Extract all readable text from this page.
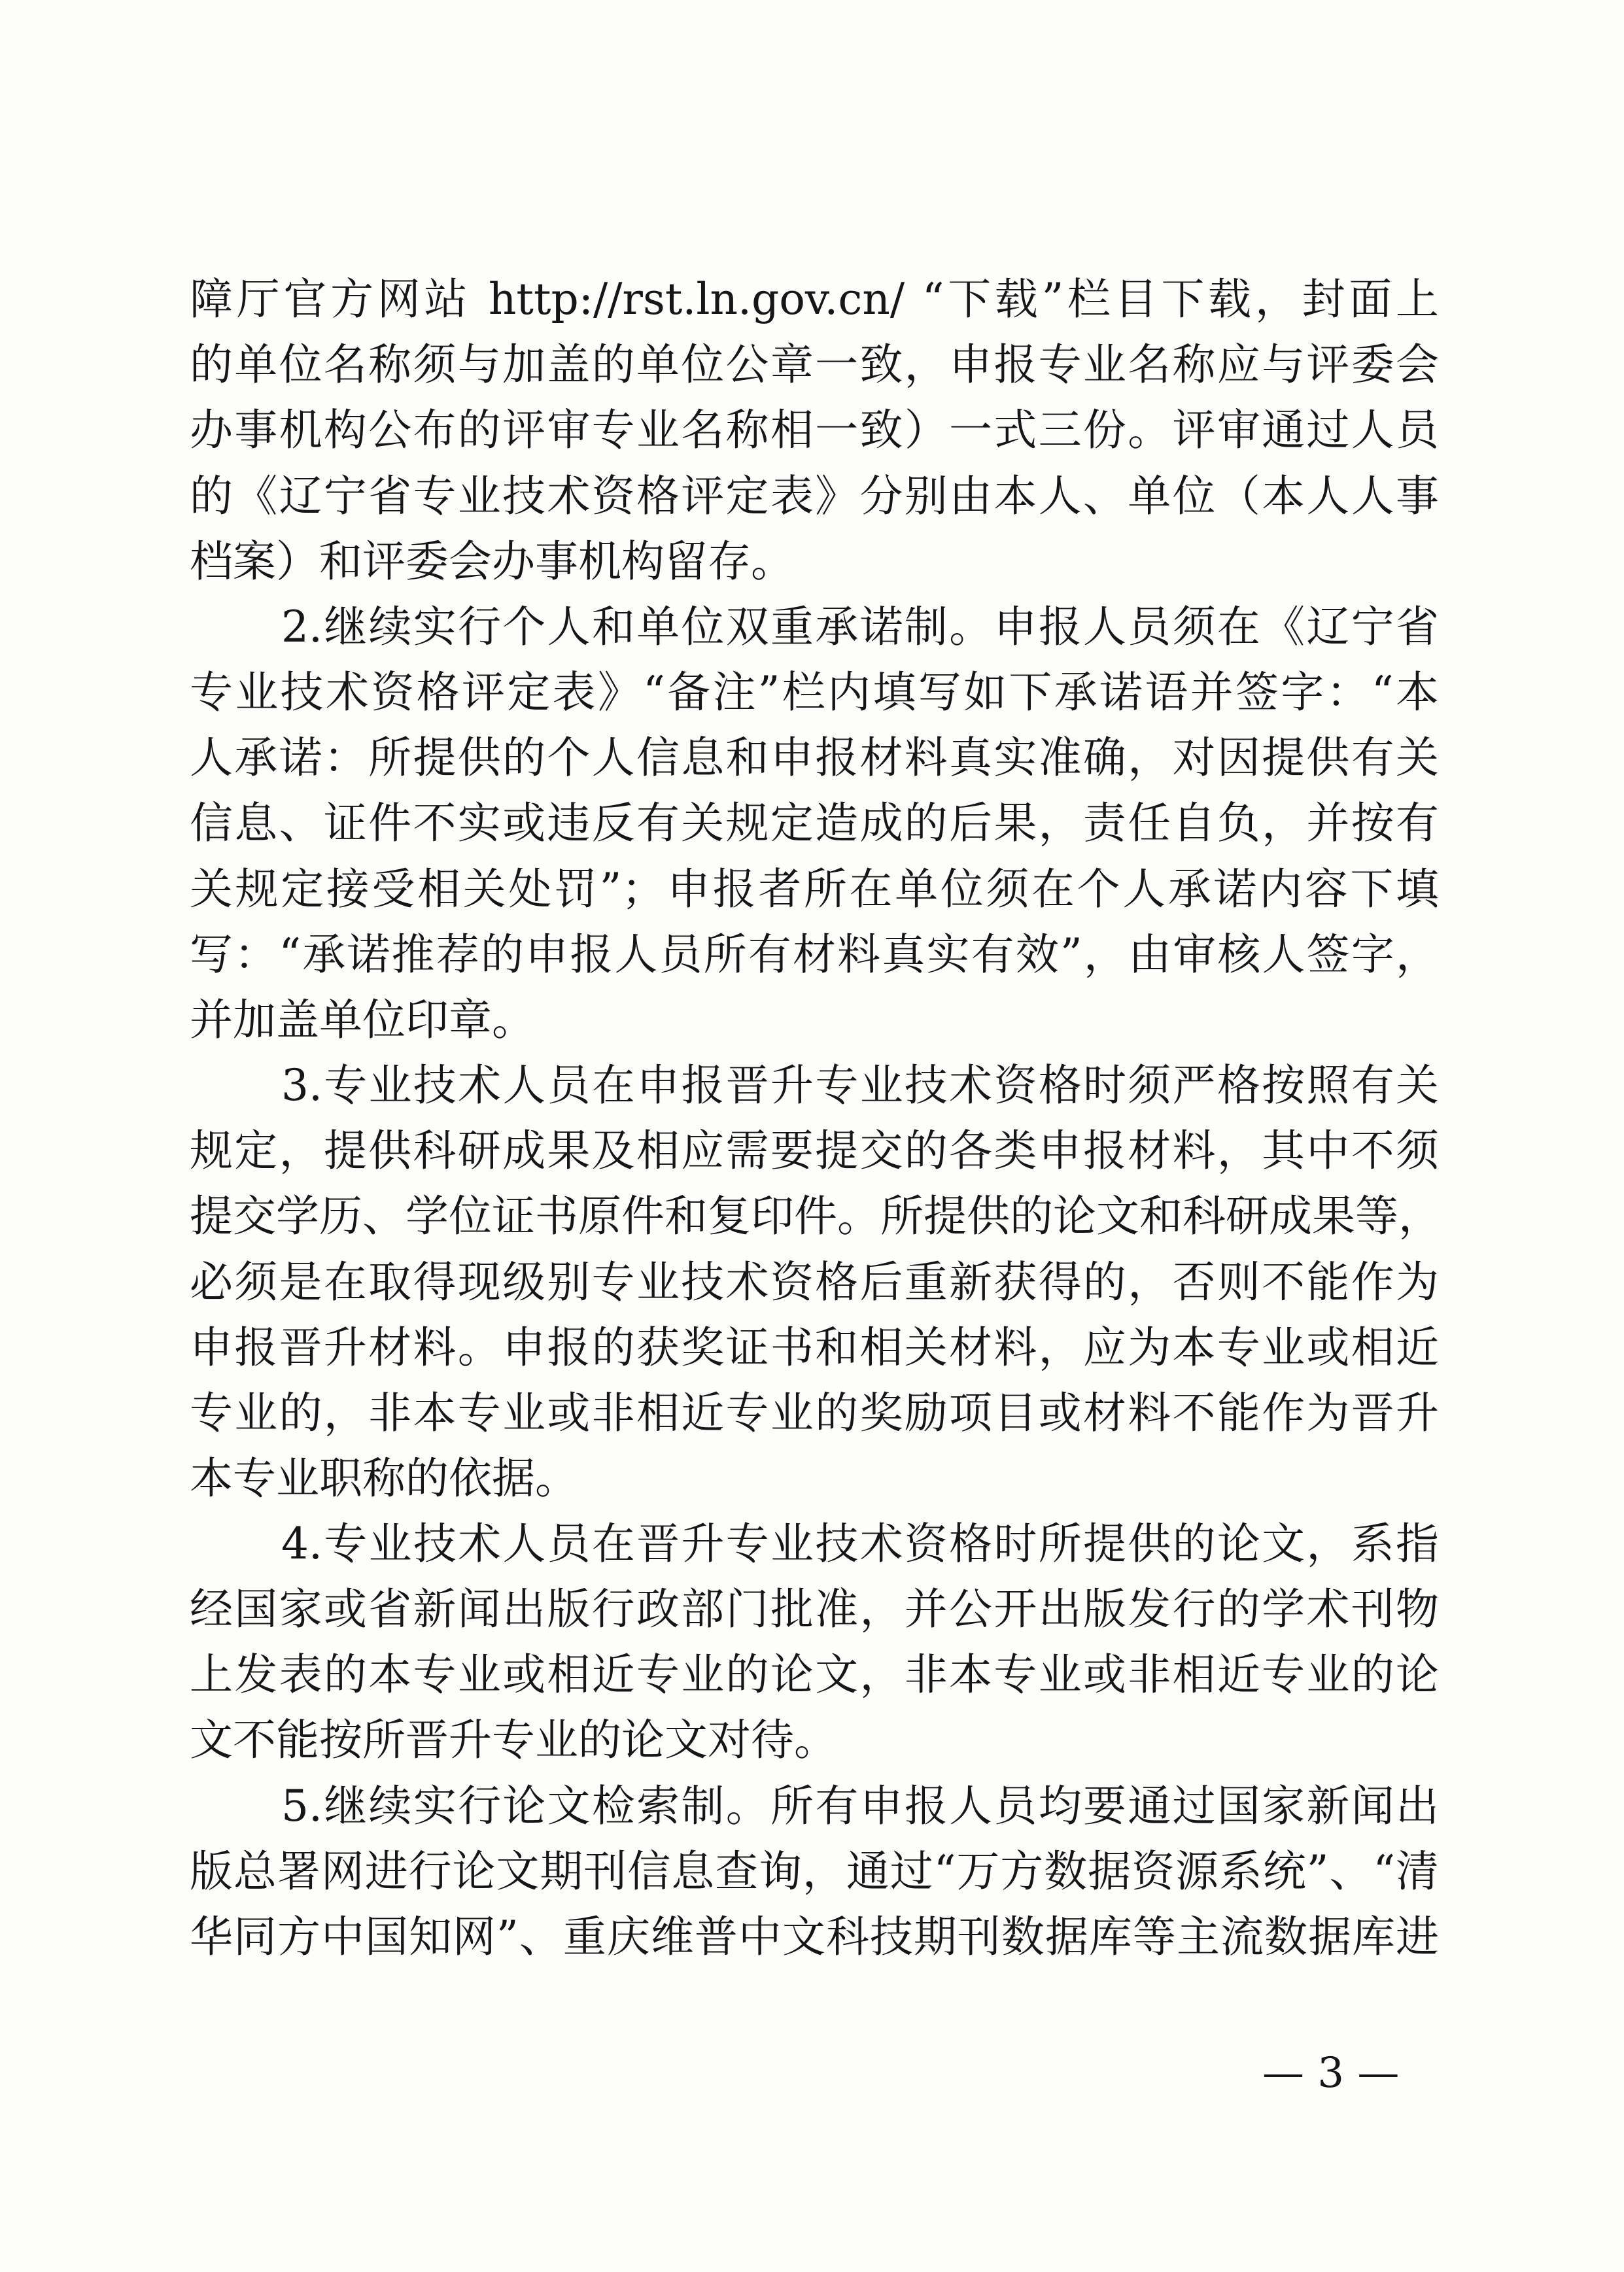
障厅官方网站 http://rst.ln.gov.cn/ “下载”栏目下载，封面上

的单位名称须与加盖的单位公章一致，申报专业名称应与评委会

办事机构公布的评审专业名称相一致）一式三份。评审通过人员

的《辽宁省专业技术资格评定表》分别由本人、单位（本人人事

档案）和评委会办事机构留存。

2.继续实行个人和单位双重承诺制。申报人员须在《辽宁省

专业技术资格评定表》“备注”栏内填写如下承诺语并签字：“本

人承诺：所提供的个人信息和申报材料真实准确，对因提供有关

信息、证件不实或违反有关规定造成的后果，责任自负，并按有

关规定接受相关处罚”；申报者所在单位须在个人承诺内容下填

写：“承诺推荐的申报人员所有材料真实有效”，由审核人签字，

并加盖单位印章。

3.专业技术人员在申报晋升专业技术资格时须严格按照有关

规定，提供科研成果及相应需要提交的各类申报材料，其中不须

提交学历、学位证书原件和复印件。所提供的论文和科研成果等，

必须是在取得现级别专业技术资格后重新获得的，否则不能作为

申报晋升材料。申报的获奖证书和相关材料，应为本专业或相近

专业的，非本专业或非相近专业的奖励项目或材料不能作为晋升

本专业职称的依据。

4.专业技术人员在晋升专业技术资格时所提供的论文，系指

经国家或省新闻出版行政部门批准，并公开出版发行的学术刊物

上发表的本专业或相近专业的论文，非本专业或非相近专业的论

文不能按所晋升专业的论文对待。

5.继续实行论文检索制。所有申报人员均要通过国家新闻出

版总署网进行论文期刊信息查询，通过“万方数据资源系统”、“清

华同方中国知网”、重庆维普中文科技期刊数据库等主流数据库进

— 3 —
